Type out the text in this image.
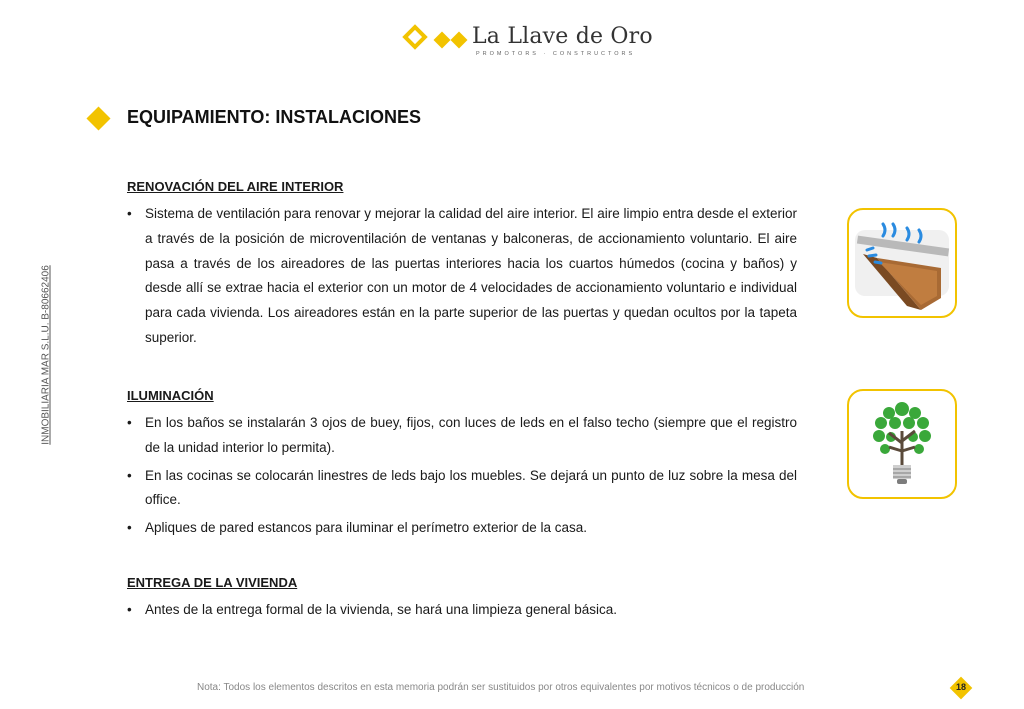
La Llave de Oro
PROMOTORS · CONSTRUCTORS
EQUIPAMIENTO: INSTALACIONES
INMOBILIARIA MAR S.L.U. B-80662406

RENOVACIÓN DEL AIRE INTERIOR

• Sistema de ventilación para renovar y mejorar la calidad del aire interior. El aire limpio entra desde el exterior a través de la posición de microventilación de ventanas y balconeras, de accionamiento voluntario. El aire pasa a través de los aireadores de las puertas interiores hacia los cuartos húmedos (cocina y baños) y desde allí se extrae hacia el exterior con un motor de 4 velocidades de accionamiento voluntario e individual para cada vivienda. Los aireadores están en la parte superior de las puertas y quedan ocultos por la tapeta superior.

ILUMINACIÓN

• En los baños se instalarán 3 ojos de buey, fijos, con luces de leds en el falso techo (siempre que el registro de la unidad interior lo permita).
• En las cocinas se colocarán linestres de leds bajo los muebles. Se dejará un punto de luz sobre la mesa del office.
• Apliques de pared estancos para iluminar el perímetro exterior de la casa.

ENTREGA DE LA VIVIENDA

• Antes de la entrega formal de la vivienda, se hará una limpieza general básica.
Nota: Todos los elementos descritos en esta memoria podrán ser sustituidos por otros equivalentes por motivos técnicos o de producción	18
